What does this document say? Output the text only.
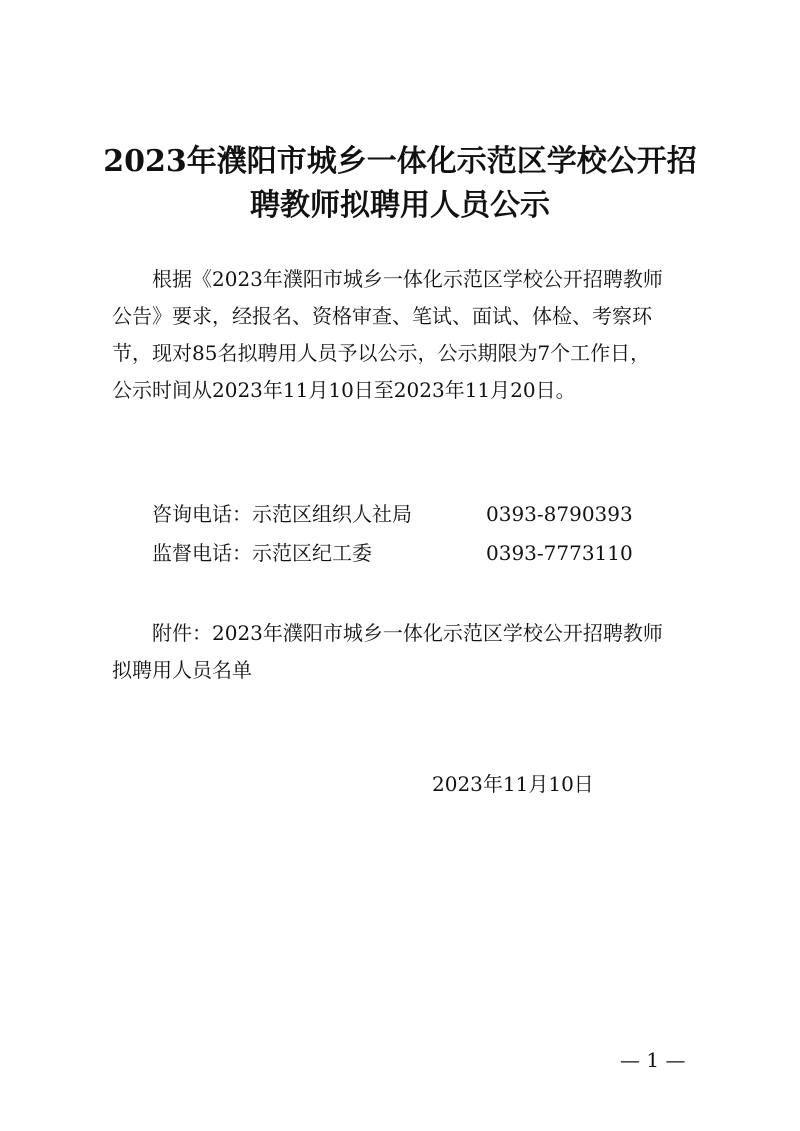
2023年濮阳市城乡一体化示范区学校公开招
聘教师拟聘用人员公示
根据《2023年濮阳市城乡一体化示范区学校公开招聘教师
公告》要求，经报名、资格审查、笔试、面试、体检、考察环
节，现对85名拟聘用人员予以公示，公示期限为7个工作日，
公示时间从2023年11月10日至2023年11月20日。
咨询电话：示范区组织人社局	0393-8790393
监督电话：示范区纪工委	0393-7773110
附件：2023年濮阳市城乡一体化示范区学校公开招聘教师
拟聘用人员名单
2023年11月10日
— 1 —
